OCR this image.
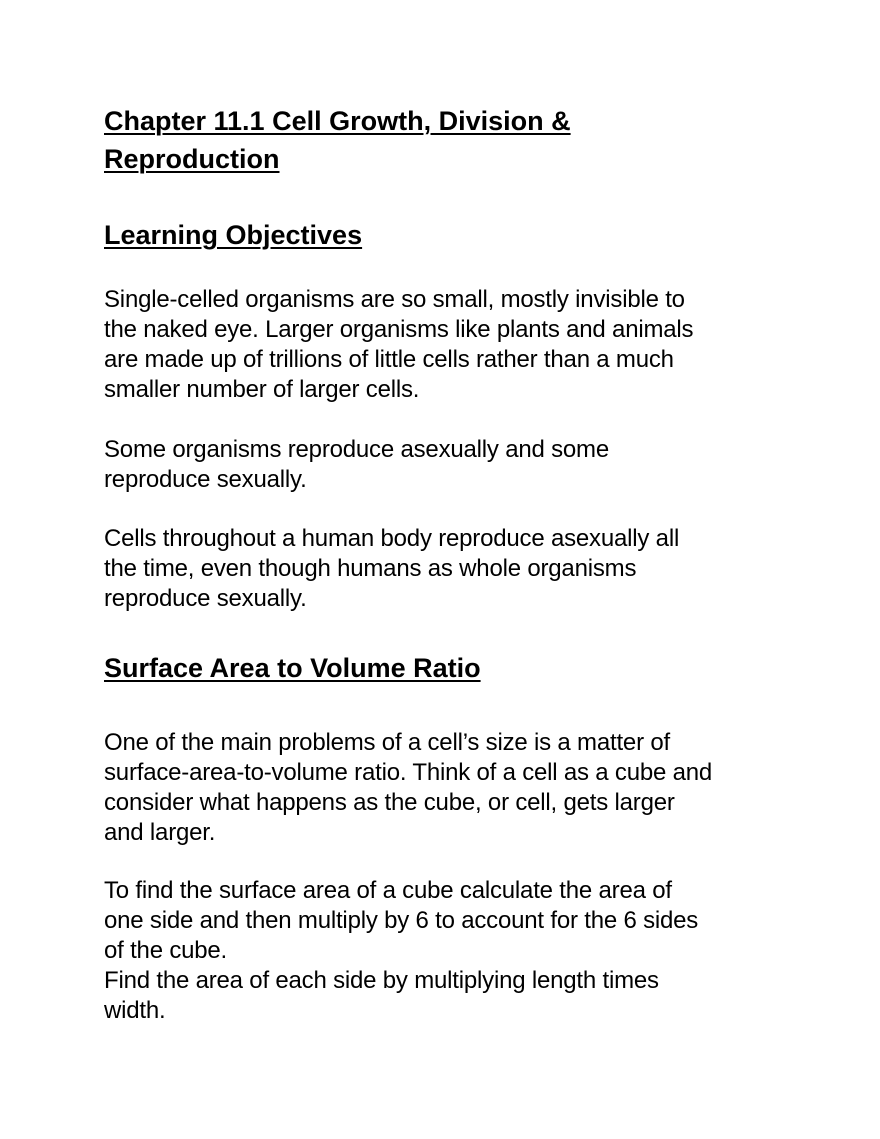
Chapter 11.1 Cell Growth, Division &
Reproduction
Learning Objectives

Single-celled organisms are so small, mostly invisible to
the naked eye. Larger organisms like plants and animals
are made up of trillions of little cells rather than a much
smaller number of larger cells.

Some organisms reproduce asexually and some
reproduce sexually.

Cells throughout a human body reproduce asexually all
the time, even though humans as whole organisms
reproduce sexually.

Surface Area to Volume Ratio

One of the main problems of a cell’s size is a matter of
surface-area-to-volume ratio. Think of a cell as a cube and
consider what happens as the cube, or cell, gets larger
and larger.

To find the surface area of a cube calculate the area of
one side and then multiply by 6 to account for the 6 sides
of the cube.
Find the area of each side by multiplying length times
width.
